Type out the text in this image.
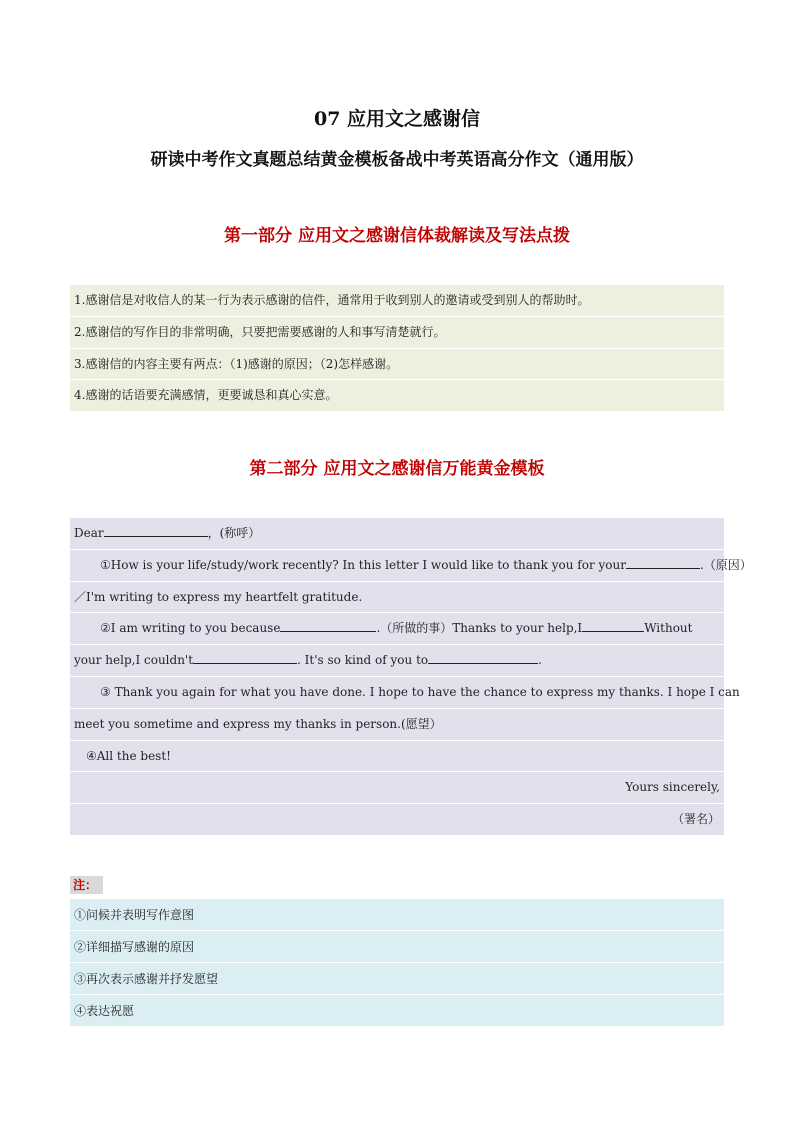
07 应用文之感谢信
研读中考作文真题总结黄金模板备战中考英语高分作文（通用版）
第一部分 应用文之感谢信体裁解读及写法点拨
1.感谢信是对收信人的某一行为表示感谢的信件，通常用于收到别人的邀请或受到别人的帮助时。
2.感谢信的写作目的非常明确，只要把需要感谢的人和事写清楚就行。
3.感谢信的内容主要有两点：（1)感谢的原因；（2)怎样感谢。
4.感谢的话语要充满感情，更要诚恳和真心实意。
第二部分 应用文之感谢信万能黄金模板
Dear	，(称呼）
①How is your life/study/work recently? In this letter I would like to thank you for your	.（原因）
／I'm writing to express my heartfelt gratitude.
②I am writing to you because	.（所做的事）Thanks to your help,I	Without
your help,I couldn't	. It's so kind of you to	.
③ Thank you again for what you have done. I hope to have the chance to express my thanks. I hope I can
meet you sometime and express my thanks in person.(愿望）
④All the best!
Yours sincerely,
（署名）
注：
①问候并表明写作意图
②详细描写感谢的原因
③再次表示感谢并抒发愿望
④表达祝愿
